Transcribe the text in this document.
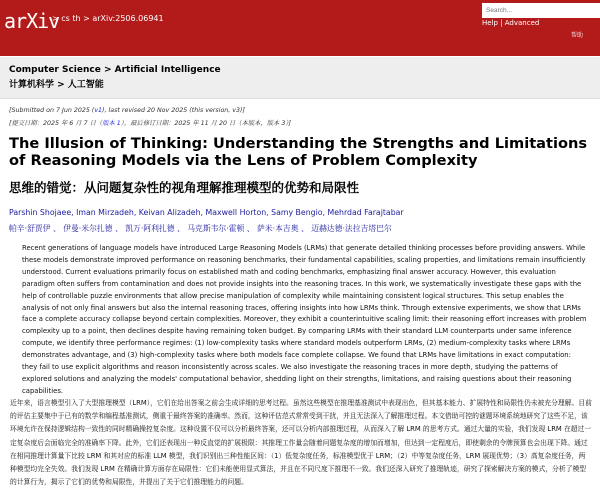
arXiv
> cs th > arXiv:2506.06941
Search...	Help | Advanced
帮助
Computer Science > Artificial Intelligence
计算机科学 > 人工智能
[Submitted on 7 Jun 2025 (v1), last revised 20 Nov 2025 (this version, v3)]
[提交日期：2025 年 6 月 7 日（版本 1），最后修订日期：2025 年 11 月 20 日（本版本，版本 3）]
The Illusion of Thinking: Understanding the Strengths and Limitations of Reasoning Models via the Lens of Problem Complexity
思维的错觉：从问题复杂性的视角理解推理模型的优势和局限性
Parshin Shojaee, Iman Mirzadeh, Keivan Alizadeh, Maxwell Horton, Samy Bengio, Mehrdad Farajtabar
帕辛·舒贾伊 、 伊曼·米尔扎德 、 凯万·阿利扎德 、 马克斯韦尔·霍顿 、 萨米·本吉奥 、 迈赫达德·法拉吉塔巴尔

Recent generations of language models have introduced Large Reasoning Models (LRMs) that generate detailed thinking processes before providing answers. While these models demonstrate improved performance on reasoning benchmarks, their fundamental capabilities, scaling properties, and limitations remain insufficiently understood. Current evaluations primarily focus on established math and coding benchmarks, emphasizing final answer accuracy. However, this evaluation paradigm often suffers from contamination and does not provide insights into the reasoning traces. In this work, we systematically investigate these gaps with the help of controllable puzzle environments that allow precise manipulation of complexity while maintaining consistent logical structures. This setup enables the analysis of not only final answers but also the internal reasoning traces, offering insights into how LRMs think. Through extensive experiments, we show that LRMs face a complete accuracy collapse beyond certain complexities. Moreover, they exhibit a counterintuitive scaling limit: their reasoning effort increases with problem complexity up to a point, then declines despite having remaining token budget. By comparing LRMs with their standard LLM counterparts under same inference compute, we identify three performance regimes: (1) low-complexity tasks where standard models outperform LRMs, (2) medium-complexity tasks where LRMs demonstrates advantage, and (3) high-complexity tasks where both models face complete collapse. We found that LRMs have limitations in exact computation: they fail to use explicit algorithms and reason inconsistently across scales. We also investigate the reasoning traces in more depth, studying the patterns of explored solutions and analyzing the models' computational behavior, shedding light on their strengths, limitations, and raising questions about their reasoning capabilities.

近年来，语言模型引入了大型推理模型（LRM），它们在给出答案之前会生成详细的思考过程。虽然这些模型在推理基准测试中表现出色，但其基本能力、扩展特性和局限性仍未被充分理解。目前的评估主要集中于已有的数学和编程基准测试，侧重于最终答案的准确率。然而，这种评估范式常常受到干扰，并且无法深入了解推理过程。本文借助可控的谜题环境系统地研究了这些不足，该环境允许在保持逻辑结构一致性的同时精确操控复杂度。这种设置不仅可以分析最终答案，还可以分析内部推理过程，从而深入了解 LRM 的思考方式。通过大量的实验，我们发现 LRM 在超过一定复杂度后会面临完全的准确率下降。此外，它们还表现出一种反直觉的扩展极限：其推理工作量会随着问题复杂度的增加而增加，但达到一定程度后，即使剩余的令牌预算也会出现下降。通过在相同推理计算量下比较 LRM 和其对应的标准 LLM 模型，我们识别出三种性能区间：（1）低复杂度任务，标准模型优于 LRM；（2）中等复杂度任务，LRM 展现优势；（3）高复杂度任务，两种模型均完全失效。我们发现 LRM 在精确计算方面存在局限性：它们未能使用显式算法，并且在不同尺度下推理不一致。我们还深入研究了推理轨迹，研究了探索解决方案的模式，分析了模型的计算行为，揭示了它们的优势和局限性，并提出了关于它们推理能力的问题。
